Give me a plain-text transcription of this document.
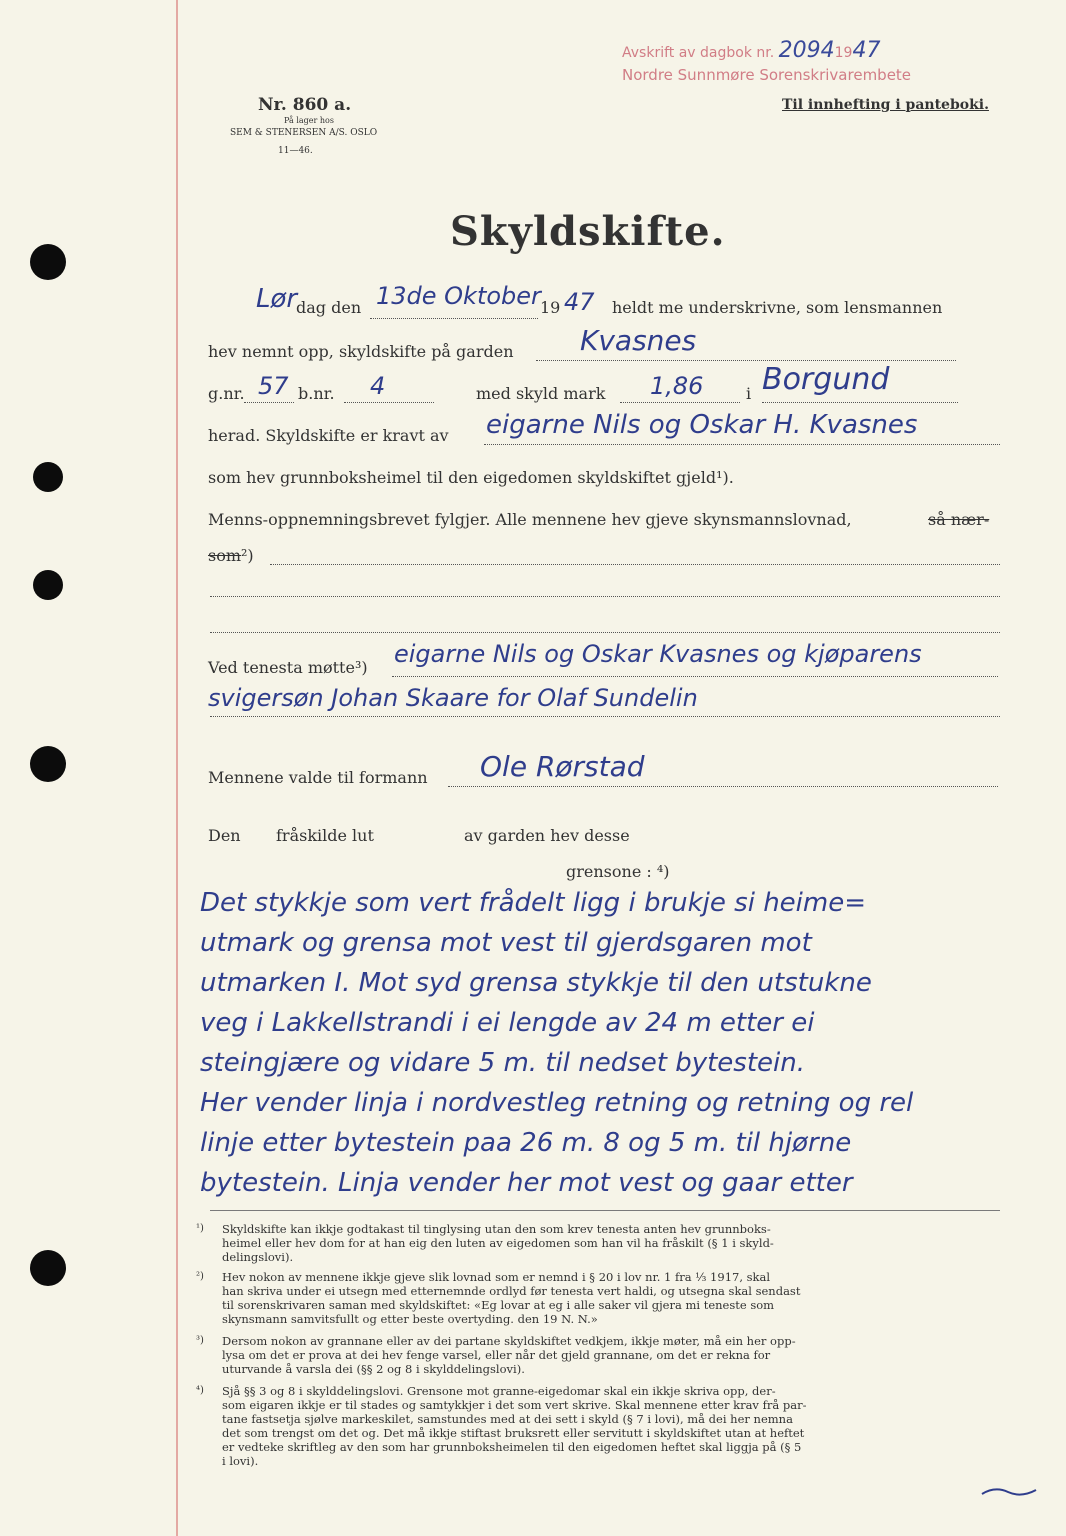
Nr. 860 a.
På lager hos
SEM & STENERSEN A/S. OSLO
11—46.
Avskrift av dagbok nr. 20941947
Nordre Sunnmøre Sorenskrivarembete
Til innhefting i panteboki.
Skyldskifte.
Lør
dag den 13de Oktober 19 47 heldt me underskrivne, som lensmannen
hev nemnt opp, skyldskifte på garden Kvasnes
g.nr. 57 b.nr. 4	med skyld mark 1,86	i Borgund
herad. Skyldskifte er kravt av eigarne Nils og Oskar H. Kvasnes
som hev grunnboksheimel til den eigedomen skyldskiftet gjeld¹).
Menns-oppnemningsbrevet fylgjer. Alle mennene hev gjeve skynsmannslovnad,	så nær-
som²)
Ved tenesta møtte³) eigarne Nils og Oskar Kvasnes og kjøparens
svigersøn Johan Skaare for Olaf Sundelin
Mennene valde til formann Ole Rørstad
Den fråskilde lut	av garden hev desse
grensone : ⁴)
Det stykkje som vert frådelt ligg i brukje si heime=
utmark og grensa mot vest til gjerdsgaren mot
utmarken I. Mot syd grensa stykkje til den utstukne
veg i Lakkellstrandi i ei lengde av 24 m etter ei
steingjære og vidare 5 m. til nedset bytestein.
Her vender linja i nordvestleg retning og retning og rel
linje etter bytestein paa 26 m. 8 og 5 m. til hjørne
bytestein. Linja vender her mot vest og gaar etter
¹) Skyldskifte kan ikkje godtakast til tinglysing utan den som krev tenesta anten hev grunnboks-
heimel eller hev dom for at han eig den luten av eigedomen som han vil ha fråskilt (§ 1 i skyld-
delingslovi).
²) Hev nokon av mennene ikkje gjeve slik lovnad som er nemnd i § 20 i lov nr. 1 fra ⅓ 1917, skal
han skriva under ei utsegn med etternemnde ordlyd før tenesta vert haldi, og utsegna skal sendast
til sorenskrivaren saman med skyldskiftet: «Eg lovar at eg i alle saker vil gjera mi teneste som
skynsmann samvitsfullt og etter beste overtyding. den 19 N. N.»
³) Dersom nokon av grannane eller av dei partane skyldskiftet vedkjem, ikkje møter, må ein her opp-
lysa om det er prova at dei hev fenge varsel, eller når det gjeld grannane, om det er rekna for
uturvande å varsla dei (§§ 2 og 8 i skylddelingslovi).
⁴) Sjå §§ 3 og 8 i skylddelingslovi. Grensone mot granne-eigedomar skal ein ikkje skriva opp, der-
som eigaren ikkje er til stades og samtykkjer i det som vert skrive. Skal mennene etter krav frå par-
tane fastsetja sjølve markeskilet, samstundes med at dei sett i skyld (§ 7 i lovi), må dei her nemna
det som trengst om det og. Det må ikkje stiftast bruksrett eller servitutt i skyldskiftet utan at heftet
er vedteke skriftleg av den som har grunnboksheimelen til den eigedomen heftet skal liggja på (§ 5
i lovi).
